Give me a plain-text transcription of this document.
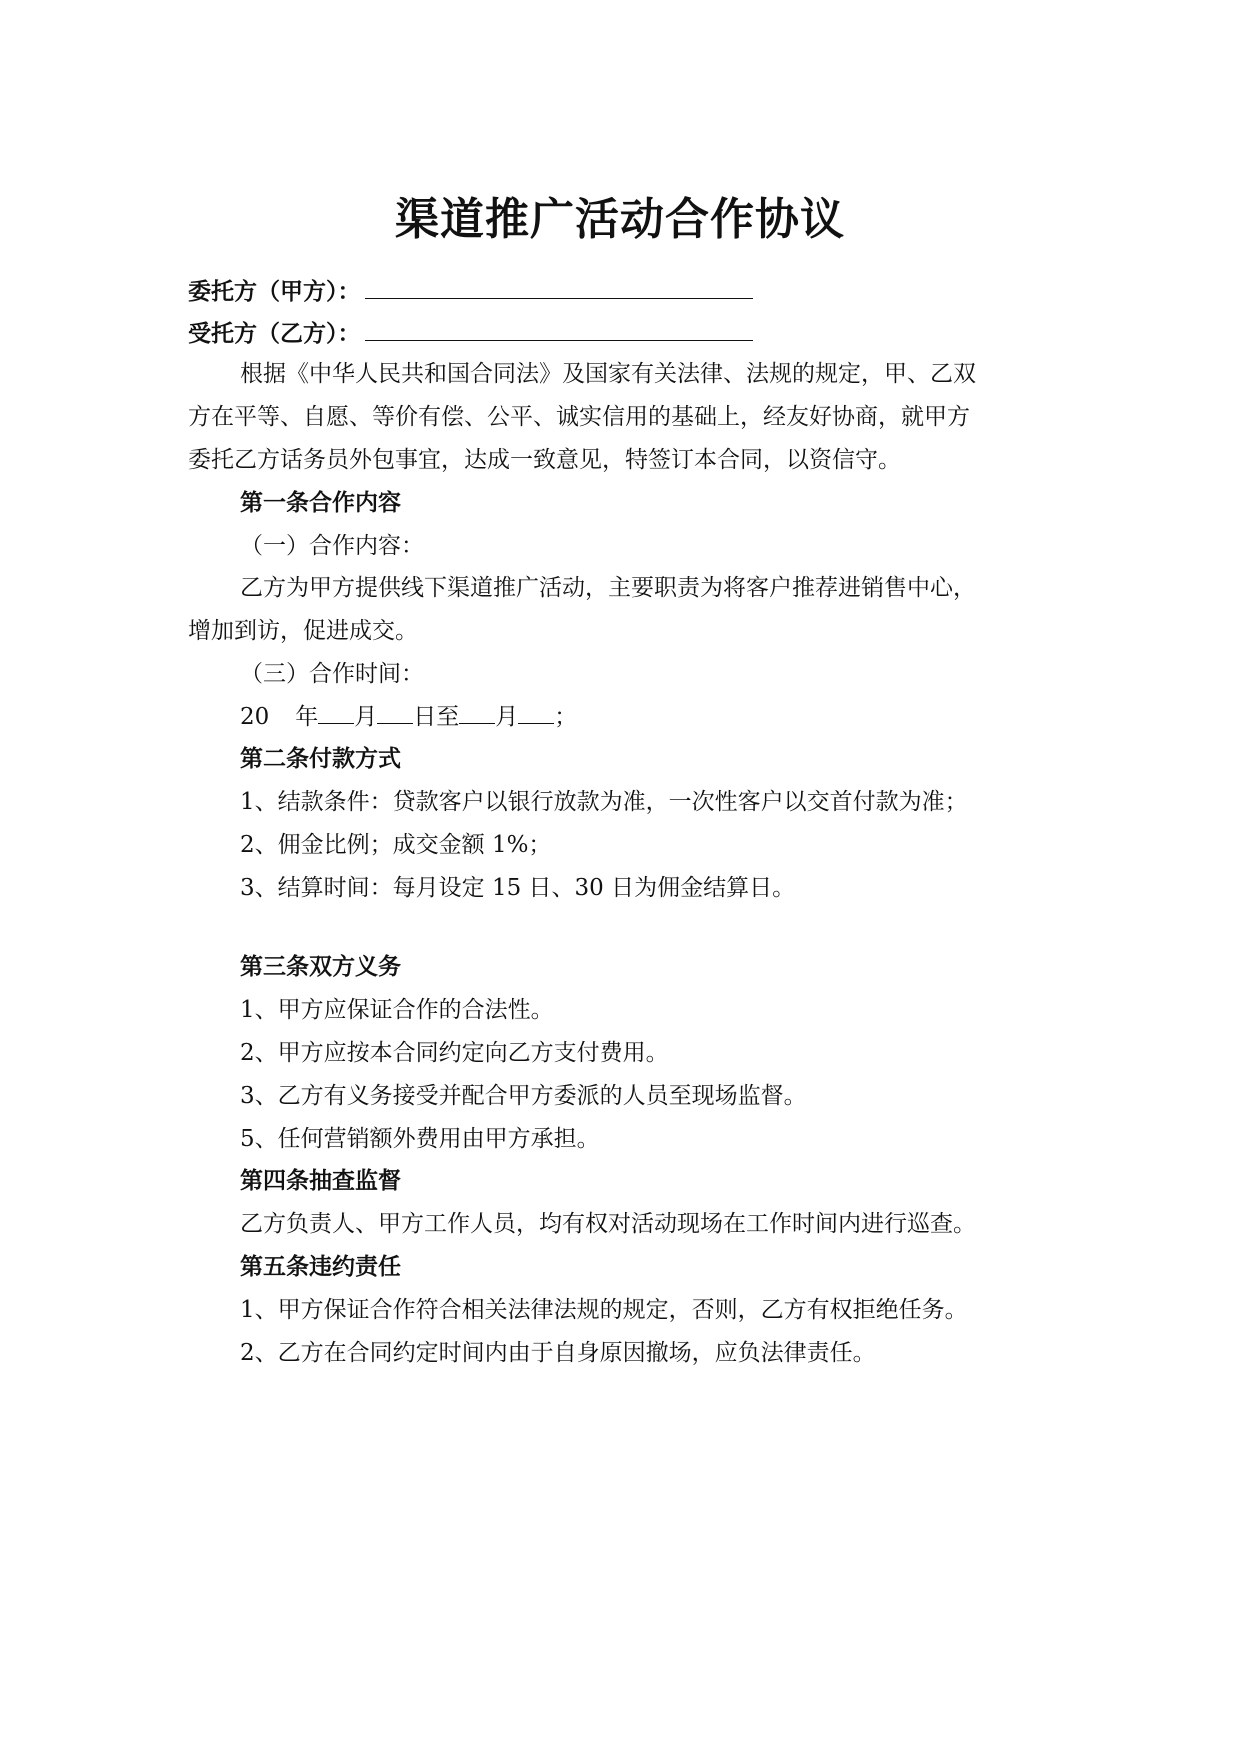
渠道推广活动合作协议
委托方（甲方）：
受托方（乙方）：
根据《中华人民共和国合同法》及国家有关法律、法规的规定，甲、乙双
方在平等、自愿、等价有偿、公平、诚实信用的基础上，经友好协商，就甲方
委托乙方话务员外包事宜，达成一致意见，特签订本合同，以资信守。
第一条合作内容
（一）合作内容：
乙方为甲方提供线下渠道推广活动，主要职责为将客户推荐进销售中心，
增加到访，促进成交。
（三）合作时间：
20 年 月 日至 月 ；
第二条付款方式
1、结款条件：贷款客户以银行放款为准，一次性客户以交首付款为准；
2、佣金比例；成交金额 1%；
3、结算时间：每月设定 15 日、30 日为佣金结算日。
第三条双方义务
1、甲方应保证合作的合法性。
2、甲方应按本合同约定向乙方支付费用。
3、乙方有义务接受并配合甲方委派的人员至现场监督。
5、任何营销额外费用由甲方承担。
第四条抽查监督
乙方负责人、甲方工作人员，均有权对活动现场在工作时间内进行巡查。
第五条违约责任
1、甲方保证合作符合相关法律法规的规定，否则，乙方有权拒绝任务。
2、乙方在合同约定时间内由于自身原因撤场，应负法律责任。
